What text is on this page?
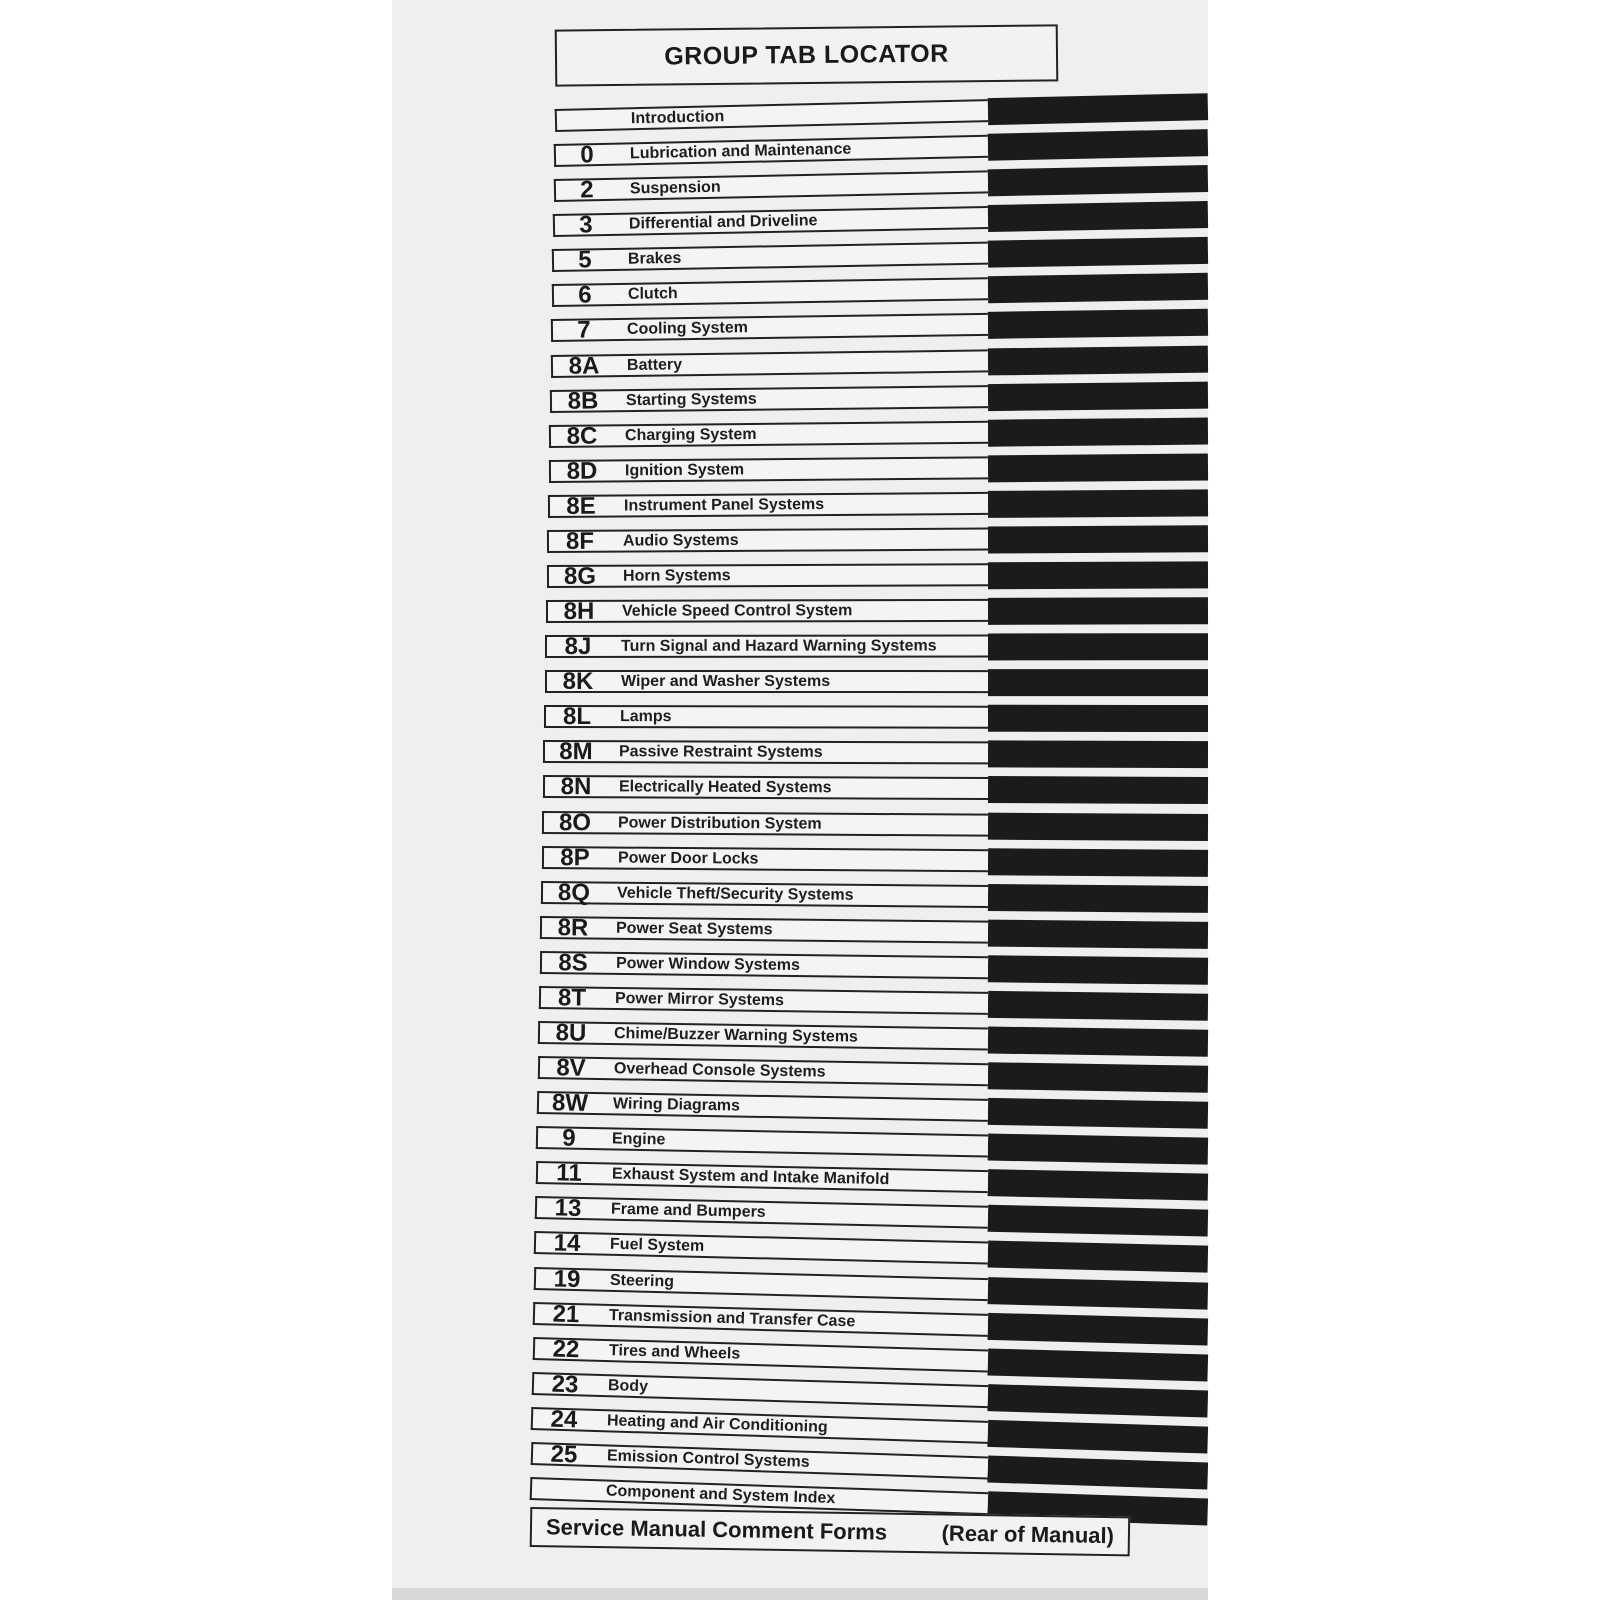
GROUP TAB LOCATOR
Introduction
0	Lubrication and Maintenance
2	Suspension
3	Differential and Driveline
5	Brakes
6	Clutch
7	Cooling System
8A	Battery
8B	Starting Systems
8C	Charging System
8D	Ignition System
8E	Instrument Panel Systems
8F	Audio Systems
8G	Horn Systems
8H	Vehicle Speed Control System
8J	Turn Signal and Hazard Warning Systems
8K	Wiper and Washer Systems
8L	Lamps
8M	Passive Restraint Systems
8N	Electrically Heated Systems
8O	Power Distribution System
8P	Power Door Locks
8Q	Vehicle Theft/Security Systems
8R	Power Seat Systems
8S	Power Window Systems
8T	Power Mirror Systems
8U	Chime/Buzzer Warning Systems
8V	Overhead Console Systems
8W	Wiring Diagrams
9	Engine
11	Exhaust System and Intake Manifold
13	Frame and Bumpers
14	Fuel System
19	Steering
21	Transmission and Transfer Case
22	Tires and Wheels
23	Body
24	Heating and Air Conditioning
25	Emission Control Systems
Component and System Index
Service Manual Comment Forms (Rear of Manual)
